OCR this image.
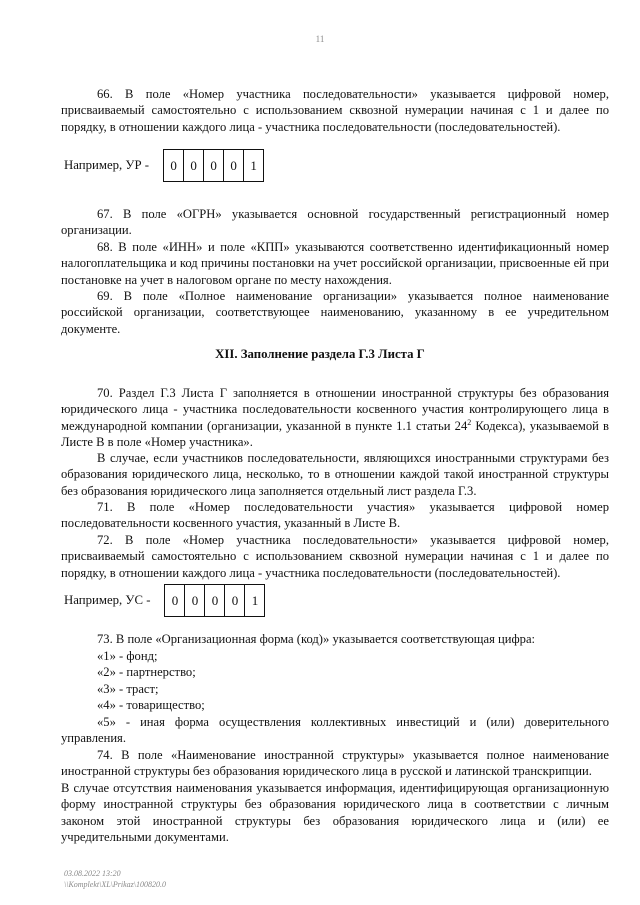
11

66. В поле «Номер участника последовательности» указывается цифровой номер, присваиваемый самостоятельно с использованием сквозной нумерации начиная с 1 и далее по порядку, в отношении каждого лица - участника последовательности (последовательностей).

Например, УР -	0	0	0	0	1

67. В поле «ОГРН» указывается основной государственный регистрационный номер организации.

68. В поле «ИНН» и поле «КПП» указываются соответственно идентификационный номер налогоплательщика и код причины постановки на учет российской организации, присвоенные ей при постановке на учет в налоговом органе по месту нахождения.

69. В поле «Полное наименование организации» указывается полное наименование российской организации, соответствующее наименованию, указанному в ее учредительном документе.

XII. Заполнение раздела Г.3 Листа Г

70. Раздел Г.3 Листа Г заполняется в отношении иностранной структуры без образования юридического лица - участника последовательности косвенного участия контролирующего лица в международной компании (организации, указанной в пункте 1.1 статьи $24^2$ Кодекса), указываемой в Листе В в поле «Номер участника».

В случае, если участников последовательности, являющихся иностранными структурами без образования юридического лица, несколько, то в отношении каждой такой иностранной структуры без образования юридического лица заполняется отдельный лист раздела Г.3.

71. В поле «Номер последовательности участия» указывается цифровой номер последовательности косвенного участия, указанный в Листе В.

72. В поле «Номер участника последовательности» указывается цифровой номер, присваиваемый самостоятельно с использованием сквозной нумерации начиная с 1 и далее по порядку, в отношении каждого лица - участника последовательности (последовательностей).

Например, УС -	0	0	0	0	1

73. В поле «Организационная форма (код)» указывается соответствующая цифра:

«1» - фонд;

«2» - партнерство;

«3» - траст;

«4» - товарищество;

«5» - иная форма осуществления коллективных инвестиций и (или) доверительного управления.

74. В поле «Наименование иностранной структуры» указывается полное наименование иностранной структуры без образования юридического лица в русской и латинской транскрипции.

В случае отсутствия наименования указывается информация, идентифицирующая организационную форму иностранной структуры без образования юридического лица в соответствии с личным законом этой иностранной структуры без образования юридического лица и (или) ее учредительными документами.

03.08.2022 13:20
\\Komplekt\XL\Prikaz\100820.0
